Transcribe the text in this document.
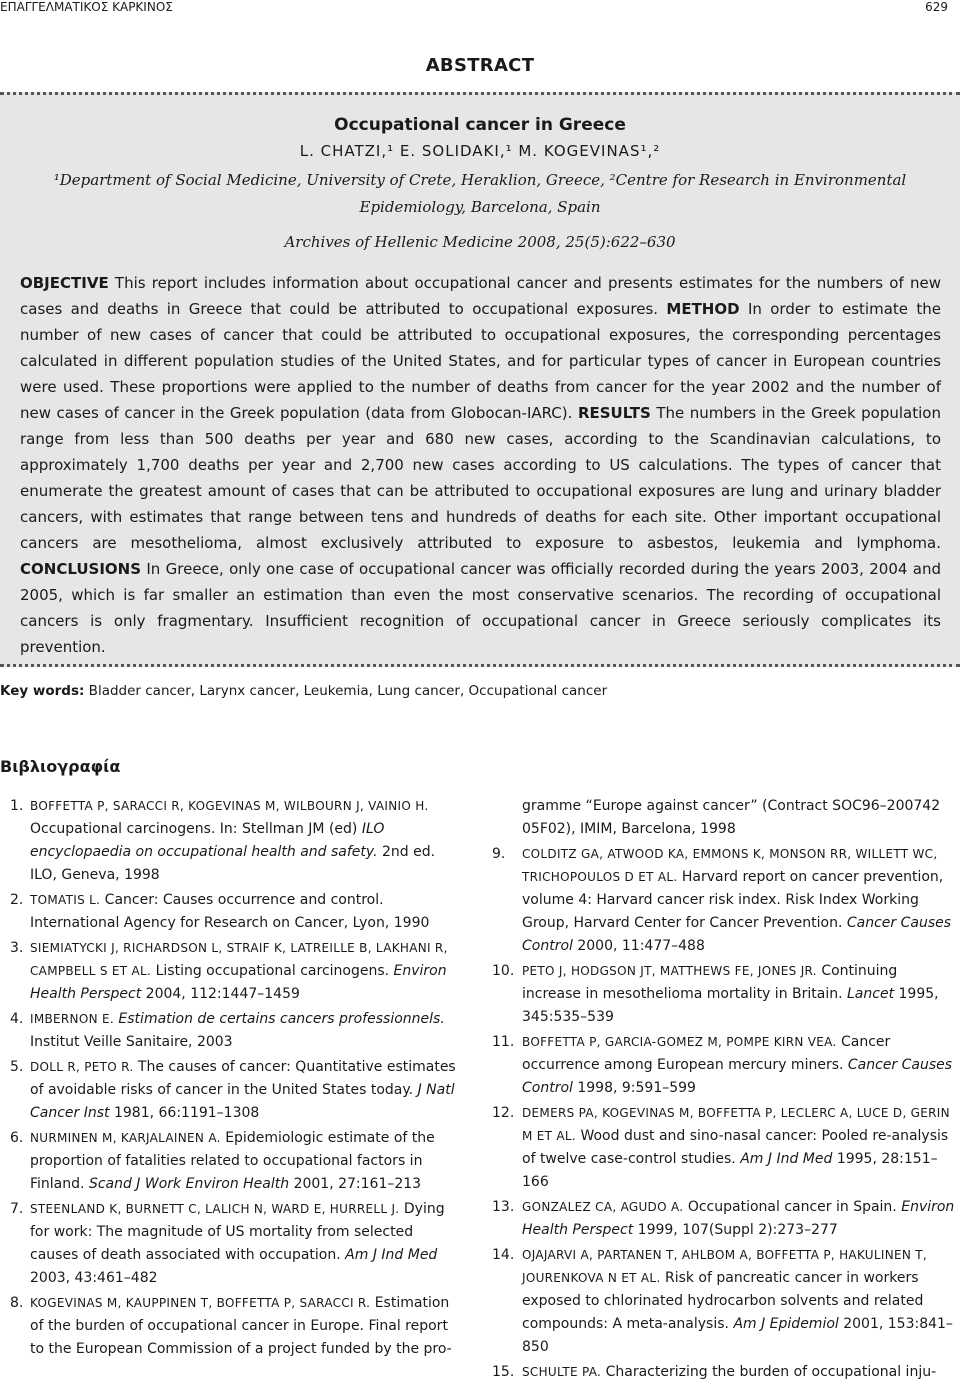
ΕΠΑΓΓΕΛΜΑΤΙΚΟΣ ΚΑΡΚΙΝΟΣ	629
ABSTRACT
Occupational cancer in Greece
L. CHATZI,¹ E. SOLIDAKI,¹ M. KOGEVINAS¹,²
¹Department of Social Medicine, University of Crete, Heraklion, Greece, ²Centre for Research in Environmental
Epidemiology, Barcelona, Spain
Archives of Hellenic Medicine 2008, 25(5):622–630
OBJECTIVE This report includes information about occupational cancer and presents estimates for the numbers of new cases and deaths in Greece that could be attributed to occupational exposures. METHOD In order to estimate the number of new cases of cancer that could be attributed to occupational exposures, the corresponding percentages calculated in different population studies of the United States, and for particular types of cancer in European countries were used. These proportions were applied to the number of deaths from cancer for the year 2002 and the number of new cases of cancer in the Greek population (data from Globocan-IARC). RESULTS The numbers in the Greek population range from less than 500 deaths per year and 680 new cases, according to the Scandinavian calculations, to approximately 1,700 deaths per year and 2,700 new cases according to US calculations. The types of cancer that enumerate the greatest amount of cases that can be attributed to occupational exposures are lung and urinary bladder cancers, with estimates that range between tens and hundreds of deaths for each site. Other important occupational cancers are mesothelioma, almost exclusively attributed to exposure to asbestos, leukemia and lymphoma. CONCLUSIONS In Greece, only one case of occupational cancer was officially recorded during the years 2003, 2004 and 2005, which is far smaller an estimation than even the most conservative scenarios. The recording of occupational cancers is only fragmentary. Insufficient recognition of occupational cancer in Greece seriously complicates its prevention.
Key words: Bladder cancer, Larynx cancer, Leukemia, Lung cancer, Occupational cancer
Βιβλιογραφία
1. BOFFETTA P, SARACCI R, KOGEVINAS M, WILBOURN J, VAINIO H. Occupational carcinogens. In: Stellman JM (ed) ILO encyclopaedia on occupational health and safety. 2nd ed. ILO, Geneva, 1998
2. TOMATIS L. Cancer: Causes occurrence and control. International Agency for Research on Cancer, Lyon, 1990
3. SIEMIATYCKI J, RICHARDSON L, STRAIF K, LATREILLE B, LAKHANI R, CAMPBELL S ET AL. Listing occupational carcinogens. Environ Health Perspect 2004, 112:1447–1459
4. IMBERNON E. Estimation de certains cancers professionnels. Institut Veille Sanitaire, 2003
5. DOLL R, PETO R. The causes of cancer: Quantitative estimates of avoidable risks of cancer in the United States today. J Natl Cancer Inst 1981, 66:1191–1308
6. NURMINEN M, KARJALAINEN A. Epidemiologic estimate of the proportion of fatalities related to occupational factors in Finland. Scand J Work Environ Health 2001, 27:161–213
7. STEENLAND K, BURNETT C, LALICH N, WARD E, HURRELL J. Dying for work: The magnitude of US mortality from selected causes of death associated with occupation. Am J Ind Med 2003, 43:461–482
8. KOGEVINAS M, KAUPPINEN T, BOFFETTA P, SARACCI R. Estimation of the burden of occupational cancer in Europe. Final report to the European Commission of a project funded by the pro-
gramme “Europe against cancer” (Contract SOC96–200742 05F02), IMIM, Barcelona, 1998
9. COLDITZ GA, ATWOOD KA, EMMONS K, MONSON RR, WILLETT WC, TRICHOPOULOS D ET AL. Harvard report on cancer prevention, volume 4: Harvard cancer risk index. Risk Index Working Group, Harvard Center for Cancer Prevention. Cancer Causes Control 2000, 11:477–488
10. PETO J, HODGSON JT, MATTHEWS FE, JONES JR. Continuing increase in mesothelioma mortality in Britain. Lancet 1995, 345:535–539
11. BOFFETTA P, GARCIA-GOMEZ M, POMPE KIRN VEA. Cancer occurrence among European mercury miners. Cancer Causes Control 1998, 9:591–599
12. DEMERS PA, KOGEVINAS M, BOFFETTA P, LECLERC A, LUCE D, GERIN M ET AL. Wood dust and sino-nasal cancer: Pooled re-analysis of twelve case-control studies. Am J Ind Med 1995, 28:151–166
13. GONZALEZ CA, AGUDO A. Occupational cancer in Spain. Environ Health Perspect 1999, 107(Suppl 2):273–277
14. OJAJARVI A, PARTANEN T, AHLBOM A, BOFFETTA P, HAKULINEN T, JOURENKOVA N ET AL. Risk of pancreatic cancer in workers exposed to chlorinated hydrocarbon solvents and related compounds: A meta-analysis. Am J Epidemiol 2001, 153:841–850
15. SCHULTE PA. Characterizing the burden of occupational inju-
